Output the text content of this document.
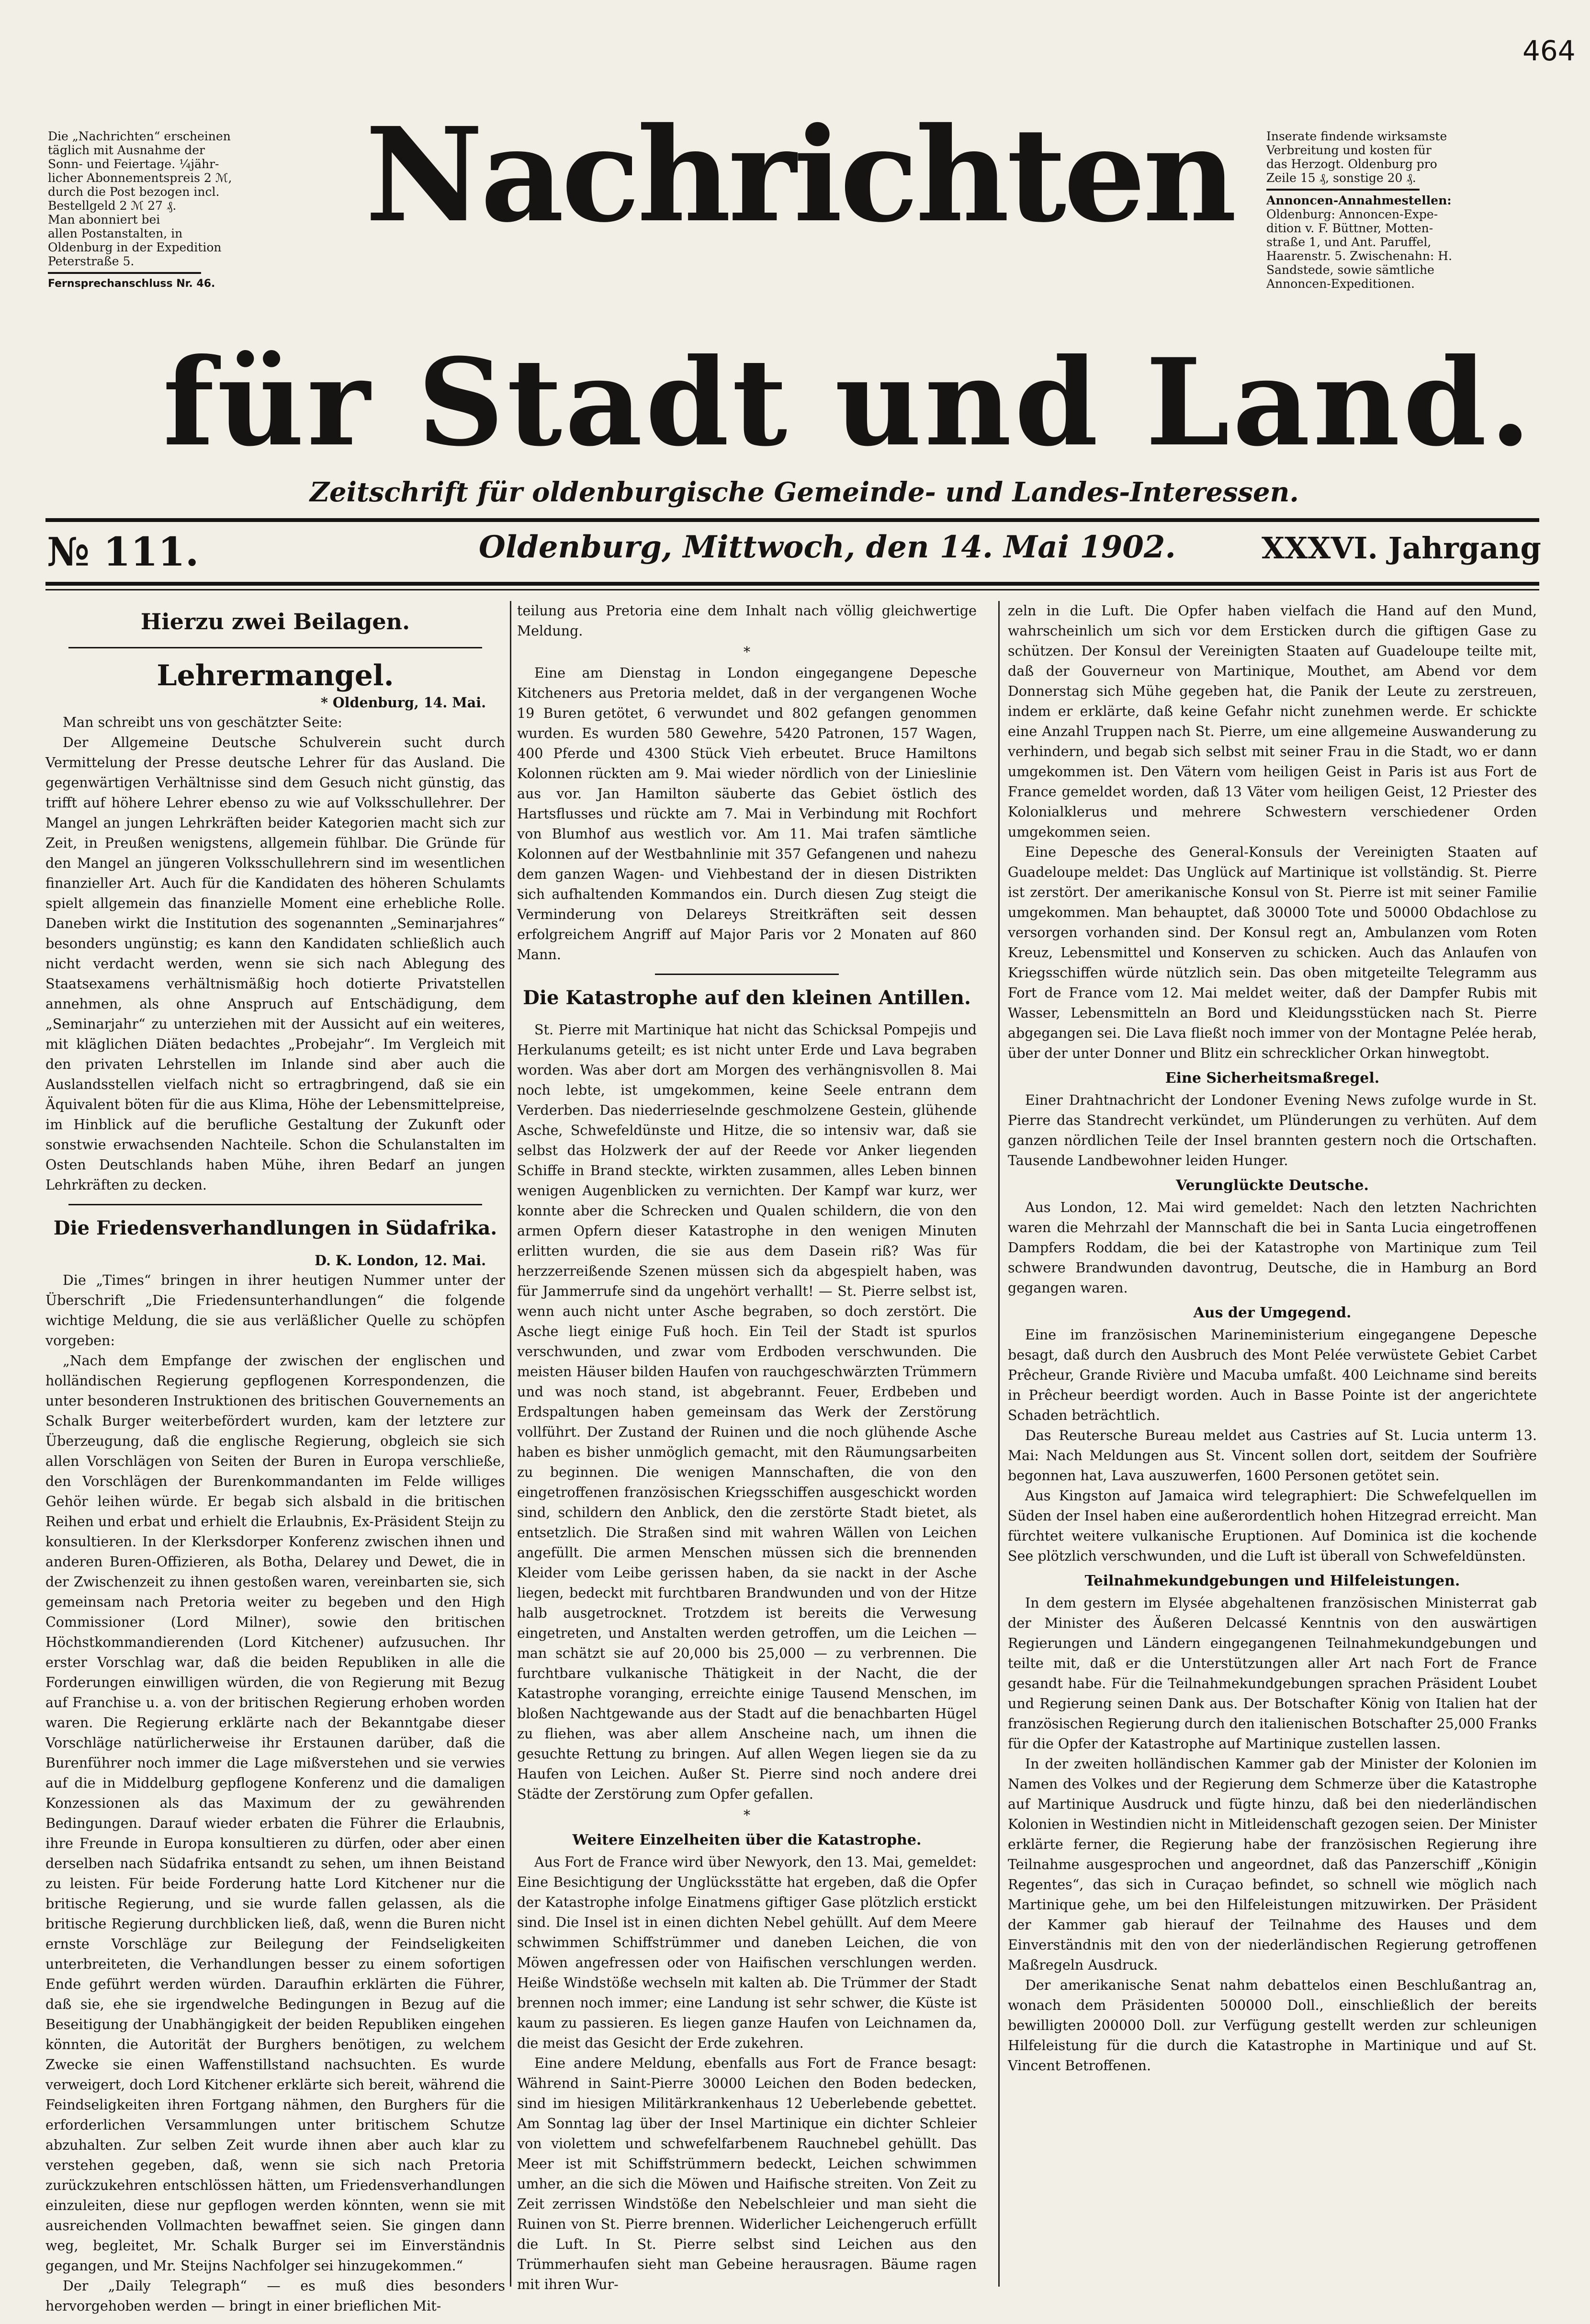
464
Die „Nachrichten“ erscheinen
täglich mit Ausnahme der
Sonn- und Feiertage. ¼jähr-
licher Abonnementspreis 2 ℳ,
durch die Post bezogen incl.
Bestellgeld 2 ℳ 27 ₰.
Man abonniert bei
allen Postanstalten, in
Oldenburg in der Expedition
Peterstraße 5.
Fernsprechanschluss Nr. 46.
Inserate findende wirksamste
Verbreitung und kosten für
das Herzogt. Oldenburg pro
Zeile 15 ₰, sonstige 20 ₰.
Annoncen-Annahmestellen:
Oldenburg: Annoncen-Expe-
dition v. F. Büttner, Motten-
straße 1, und Ant. Paruffel,
Haarenstr. 5. Zwischenahn: H.
Sandstede, sowie sämtliche
Annoncen-Expeditionen.
Nachrichten
für Stadt und Land.
Zeitschrift für oldenburgische Gemeinde- und Landes-Interessen.
№ 111.	Oldenburg, Mittwoch, den 14. Mai 1902.	XXXVI. Jahrgang
Hierzu zwei Beilagen.
Lehrermangel.
* Oldenburg, 14. Mai.

Man schreibt uns von geschätzter Seite:

Der Allgemeine Deutsche Schulverein sucht durch Vermittelung der Presse deutsche Lehrer für das Ausland. Die gegenwärtigen Verhältnisse sind dem Gesuch nicht günstig, das trifft auf höhere Lehrer ebenso zu wie auf Volksschullehrer. Der Mangel an jungen Lehrkräften beider Kategorien macht sich zur Zeit, in Preußen wenigstens, allgemein fühlbar. Die Gründe für den Mangel an jüngeren Volksschullehrern sind im wesentlichen finanzieller Art. Auch für die Kandidaten des höheren Schulamts spielt allgemein das finanzielle Moment eine erhebliche Rolle. Daneben wirkt die Institution des sogenannten „Seminarjahres“ besonders ungünstig; es kann den Kandidaten schließlich auch nicht verdacht werden, wenn sie sich nach Ablegung des Staatsexamens verhältnismäßig hoch dotierte Privatstellen annehmen, als ohne Anspruch auf Entschädigung, dem „Seminarjahr“ zu unterziehen mit der Aussicht auf ein weiteres, mit kläglichen Diäten bedachtes „Probejahr“. Im Vergleich mit den privaten Lehrstellen im Inlande sind aber auch die Auslandsstellen vielfach nicht so ertragbringend, daß sie ein Äquivalent böten für die aus Klima, Höhe der Lebensmittelpreise, im Hinblick auf die berufliche Gestaltung der Zukunft oder sonstwie erwachsenden Nachteile. Schon die Schulanstalten im Osten Deutschlands haben Mühe, ihren Bedarf an jungen Lehrkräften zu decken.

Die Friedensverhandlungen in Südafrika.
D. K. London, 12. Mai.

Die „Times“ bringen in ihrer heutigen Nummer unter der Überschrift „Die Friedensunterhandlungen“ die folgende wichtige Meldung, die sie aus verläßlicher Quelle zu schöpfen vorgeben:

„Nach dem Empfange der zwischen der englischen und holländischen Regierung gepflogenen Korrespondenzen, die unter besonderen Instruktionen des britischen Gouvernements an Schalk Burger weiterbefördert wurden, kam der letztere zur Überzeugung, daß die englische Regierung, obgleich sie sich allen Vorschlägen von Seiten der Buren in Europa verschließe, den Vorschlägen der Burenkommandanten im Felde williges Gehör leihen würde. Er begab sich alsbald in die britischen Reihen und erbat und erhielt die Erlaubnis, Ex-Präsident Steijn zu konsultieren. In der Klerksdorper Konferenz zwischen ihnen und anderen Buren-Offizieren, als Botha, Delarey und Dewet, die in der Zwischenzeit zu ihnen gestoßen waren, vereinbarten sie, sich gemeinsam nach Pretoria weiter zu begeben und den High Commissioner (Lord Milner), sowie den britischen Höchstkommandierenden (Lord Kitchener) aufzusuchen. Ihr erster Vorschlag war, daß die beiden Republiken in alle die Forderungen einwilligen würden, die von Regierung mit Bezug auf Franchise u. a. von der britischen Regierung erhoben worden waren. Die Regierung erklärte nach der Bekanntgabe dieser Vorschläge natürlicherweise ihr Erstaunen darüber, daß die Burenführer noch immer die Lage mißverstehen und sie verwies auf die in Middelburg gepflogene Konferenz und die damaligen Konzessionen als das Maximum der zu gewährenden Bedingungen. Darauf wieder erbaten die Führer die Erlaubnis, ihre Freunde in Europa konsultieren zu dürfen, oder aber einen derselben nach Südafrika entsandt zu sehen, um ihnen Beistand zu leisten. Für beide Forderung hatte Lord Kitchener nur die britische Regierung, und sie wurde fallen gelassen, als die britische Regierung durchblicken ließ, daß, wenn die Buren nicht ernste Vorschläge zur Beilegung der Feindseligkeiten unterbreiteten, die Verhandlungen besser zu einem sofortigen Ende geführt werden würden. Daraufhin erklärten die Führer, daß sie, ehe sie irgendwelche Bedingungen in Bezug auf die Beseitigung der Unabhängigkeit der beiden Republiken eingehen könnten, die Autorität der Burghers benötigen, zu welchem Zwecke sie einen Waffenstillstand nachsuchten. Es wurde verweigert, doch Lord Kitchener erklärte sich bereit, während die Feindseligkeiten ihren Fortgang nähmen, den Burghers für die erforderlichen Versammlungen unter britischem Schutze abzuhalten. Zur selben Zeit wurde ihnen aber auch klar zu verstehen gegeben, daß, wenn sie sich nach Pretoria zurückzukehren entschlössen hätten, um Friedensverhandlungen einzuleiten, diese nur gepflogen werden könnten, wenn sie mit ausreichenden Vollmachten bewaffnet seien. Sie gingen dann weg, begleitet, Mr. Schalk Burger sei im Einverständnis gegangen, und Mr. Steijns Nachfolger sei hinzugekommen.“

Der „Daily Telegraph“ — es muß dies besonders hervorgehoben werden — bringt in einer brieflichen Mit-

teilung aus Pretoria eine dem Inhalt nach völlig gleichwertige Meldung.

*

Eine am Dienstag in London eingegangene Depesche Kitcheners aus Pretoria meldet, daß in der vergangenen Woche 19 Buren getötet, 6 verwundet und 802 gefangen genommen wurden. Es wurden 580 Gewehre, 5420 Patronen, 157 Wagen, 400 Pferde und 4300 Stück Vieh erbeutet. Bruce Hamiltons Kolonnen rückten am 9. Mai wieder nördlich von der Linieslinie aus vor. Jan Hamilton säuberte das Gebiet östlich des Hartsflusses und rückte am 7. Mai in Verbindung mit Rochfort von Blumhof aus westlich vor. Am 11. Mai trafen sämtliche Kolonnen auf der Westbahnlinie mit 357 Gefangenen und nahezu dem ganzen Wagen- und Viehbestand der in diesen Distrikten sich aufhaltenden Kommandos ein. Durch diesen Zug steigt die Verminderung von Delareys Streitkräften seit dessen erfolgreichem Angriff auf Major Paris vor 2 Monaten auf 860 Mann.

Die Katastrophe auf den kleinen Antillen.

St. Pierre mit Martinique hat nicht das Schicksal Pompejis und Herkulanums geteilt; es ist nicht unter Erde und Lava begraben worden. Was aber dort am Morgen des verhängnisvollen 8. Mai noch lebte, ist umgekommen, keine Seele entrann dem Verderben. Das niederrieselnde geschmolzene Gestein, glühende Asche, Schwefeldünste und Hitze, die so intensiv war, daß sie selbst das Holzwerk der auf der Reede vor Anker liegenden Schiffe in Brand steckte, wirkten zusammen, alles Leben binnen wenigen Augenblicken zu vernichten. Der Kampf war kurz, wer konnte aber die Schrecken und Qualen schildern, die von den armen Opfern dieser Katastrophe in den wenigen Minuten erlitten wurden, die sie aus dem Dasein riß? Was für herzzerreißende Szenen müssen sich da abgespielt haben, was für Jammerrufe sind da ungehört verhallt! — St. Pierre selbst ist, wenn auch nicht unter Asche begraben, so doch zerstört. Die Asche liegt einige Fuß hoch. Ein Teil der Stadt ist spurlos verschwunden, und zwar vom Erdboden verschwunden. Die meisten Häuser bilden Haufen von rauchgeschwärzten Trümmern und was noch stand, ist abgebrannt. Feuer, Erdbeben und Erdspaltungen haben gemeinsam das Werk der Zerstörung vollführt. Der Zustand der Ruinen und die noch glühende Asche haben es bisher unmöglich gemacht, mit den Räumungsarbeiten zu beginnen. Die wenigen Mannschaften, die von den eingetroffenen französischen Kriegsschiffen ausgeschickt worden sind, schildern den Anblick, den die zerstörte Stadt bietet, als entsetzlich. Die Straßen sind mit wahren Wällen von Leichen angefüllt. Die armen Menschen müssen sich die brennenden Kleider vom Leibe gerissen haben, da sie nackt in der Asche liegen, bedeckt mit furchtbaren Brandwunden und von der Hitze halb ausgetrocknet. Trotzdem ist bereits die Verwesung eingetreten, und Anstalten werden getroffen, um die Leichen — man schätzt sie auf 20,000 bis 25,000 — zu verbrennen. Die furchtbare vulkanische Thätigkeit in der Nacht, die der Katastrophe voranging, erreichte einige Tausend Menschen, im bloßen Nachtgewande aus der Stadt auf die benachbarten Hügel zu fliehen, was aber allem Anscheine nach, um ihnen die gesuchte Rettung zu bringen. Auf allen Wegen liegen sie da zu Haufen von Leichen. Außer St. Pierre sind noch andere drei Städte der Zerstörung zum Opfer gefallen.

*
Weitere Einzelheiten über die Katastrophe.

Aus Fort de France wird über Newyork, den 13. Mai, gemeldet: Eine Besichtigung der Unglücksstätte hat ergeben, daß die Opfer der Katastrophe infolge Einatmens giftiger Gase plötzlich erstickt sind. Die Insel ist in einen dichten Nebel gehüllt. Auf dem Meere schwimmen Schiffstrümmer und daneben Leichen, die von Möwen angefressen oder von Haifischen verschlungen werden. Heiße Windstöße wechseln mit kalten ab. Die Trümmer der Stadt brennen noch immer; eine Landung ist sehr schwer, die Küste ist kaum zu passieren. Es liegen ganze Haufen von Leichnamen da, die meist das Gesicht der Erde zukehren.

Eine andere Meldung, ebenfalls aus Fort de France besagt: Während in Saint-Pierre 30000 Leichen den Boden bedecken, sind im hiesigen Militärkrankenhaus 12 Ueberlebende gebettet. Am Sonntag lag über der Insel Martinique ein dichter Schleier von violettem und schwefelfarbenem Rauchnebel gehüllt. Das Meer ist mit Schiffstrümmern bedeckt, Leichen schwimmen umher, an die sich die Möwen und Haifische streiten. Von Zeit zu Zeit zerrissen Windstöße den Nebelschleier und man sieht die Ruinen von St. Pierre brennen. Widerlicher Leichengeruch erfüllt die Luft. In St. Pierre selbst sind Leichen aus den Trümmerhaufen sieht man Gebeine herausragen. Bäume ragen mit ihren Wur-

zeln in die Luft. Die Opfer haben vielfach die Hand auf den Mund, wahrscheinlich um sich vor dem Ersticken durch die giftigen Gase zu schützen. Der Konsul der Vereinigten Staaten auf Guadeloupe teilte mit, daß der Gouverneur von Martinique, Mouthet, am Abend vor dem Donnerstag sich Mühe gegeben hat, die Panik der Leute zu zerstreuen, indem er erklärte, daß keine Gefahr nicht zunehmen werde. Er schickte eine Anzahl Truppen nach St. Pierre, um eine allgemeine Auswanderung zu verhindern, und begab sich selbst mit seiner Frau in die Stadt, wo er dann umgekommen ist. Den Vätern vom heiligen Geist in Paris ist aus Fort de France gemeldet worden, daß 13 Väter vom heiligen Geist, 12 Priester des Kolonialklerus und mehrere Schwestern verschiedener Orden umgekommen seien.

Eine Depesche des General-Konsuls der Vereinigten Staaten auf Guadeloupe meldet: Das Unglück auf Martinique ist vollständig. St. Pierre ist zerstört. Der amerikanische Konsul von St. Pierre ist mit seiner Familie umgekommen. Man behauptet, daß 30000 Tote und 50000 Obdachlose zu versorgen vorhanden sind. Der Konsul regt an, Ambulanzen vom Roten Kreuz, Lebensmittel und Konserven zu schicken. Auch das Anlaufen von Kriegsschiffen würde nützlich sein. Das oben mitgeteilte Telegramm aus Fort de France vom 12. Mai meldet weiter, daß der Dampfer Rubis mit Wasser, Lebensmitteln an Bord und Kleidungsstücken nach St. Pierre abgegangen sei. Die Lava fließt noch immer von der Montagne Pelée herab, über der unter Donner und Blitz ein schrecklicher Orkan hinwegtobt.

Eine Sicherheitsmaßregel.

Einer Drahtnachricht der Londoner Evening News zufolge wurde in St. Pierre das Standrecht verkündet, um Plünderungen zu verhüten. Auf dem ganzen nördlichen Teile der Insel brannten gestern noch die Ortschaften. Tausende Landbewohner leiden Hunger.

Verunglückte Deutsche.

Aus London, 12. Mai wird gemeldet: Nach den letzten Nachrichten waren die Mehrzahl der Mannschaft die bei in Santa Lucia eingetroffenen Dampfers Roddam, die bei der Katastrophe von Martinique zum Teil schwere Brandwunden davontrug, Deutsche, die in Hamburg an Bord gegangen waren.

Aus der Umgegend.

Eine im französischen Marineministerium eingegangene Depesche besagt, daß durch den Ausbruch des Mont Pelée verwüstete Gebiet Carbet Prêcheur, Grande Rivière und Macuba umfaßt. 400 Leichname sind bereits in Prêcheur beerdigt worden. Auch in Basse Pointe ist der angerichtete Schaden beträchtlich.

Das Reutersche Bureau meldet aus Castries auf St. Lucia unterm 13. Mai: Nach Meldungen aus St. Vincent sollen dort, seitdem der Soufrière begonnen hat, Lava auszuwerfen, 1600 Personen getötet sein.

Aus Kingston auf Jamaica wird telegraphiert: Die Schwefelquellen im Süden der Insel haben eine außerordentlich hohen Hitzegrad erreicht. Man fürchtet weitere vulkanische Eruptionen. Auf Dominica ist die kochende See plötzlich verschwunden, und die Luft ist überall von Schwefeldünsten.

Teilnahmekundgebungen und Hilfeleistungen.

In dem gestern im Elysée abgehaltenen französischen Ministerrat gab der Minister des Äußeren Delcassé Kenntnis von den auswärtigen Regierungen und Ländern eingegangenen Teilnahmekundgebungen und teilte mit, daß er die Unterstützungen aller Art nach Fort de France gesandt habe. Für die Teilnahmekundgebungen sprachen Präsident Loubet und Regierung seinen Dank aus. Der Botschafter König von Italien hat der französischen Regierung durch den italienischen Botschafter 25,000 Franks für die Opfer der Katastrophe auf Martinique zustellen lassen.

In der zweiten holländischen Kammer gab der Minister der Kolonien im Namen des Volkes und der Regierung dem Schmerze über die Katastrophe auf Martinique Ausdruck und fügte hinzu, daß bei den niederländischen Kolonien in Westindien nicht in Mitleidenschaft gezogen seien. Der Minister erklärte ferner, die Regierung habe der französischen Regierung ihre Teilnahme ausgesprochen und angeordnet, daß das Panzerschiff „Königin Regentes“, das sich in Curaçao befindet, so schnell wie möglich nach Martinique gehe, um bei den Hilfeleistungen mitzuwirken. Der Präsident der Kammer gab hierauf der Teilnahme des Hauses und dem Einverständnis mit den von der niederländischen Regierung getroffenen Maßregeln Ausdruck.

Der amerikanische Senat nahm debattelos einen Beschlußantrag an, wonach dem Präsidenten 500000 Doll., einschließlich der bereits bewilligten 200000 Doll. zur Verfügung gestellt werden zur schleunigen Hilfeleistung für die durch die Katastrophe in Martinique und auf St. Vincent Betroffenen.
